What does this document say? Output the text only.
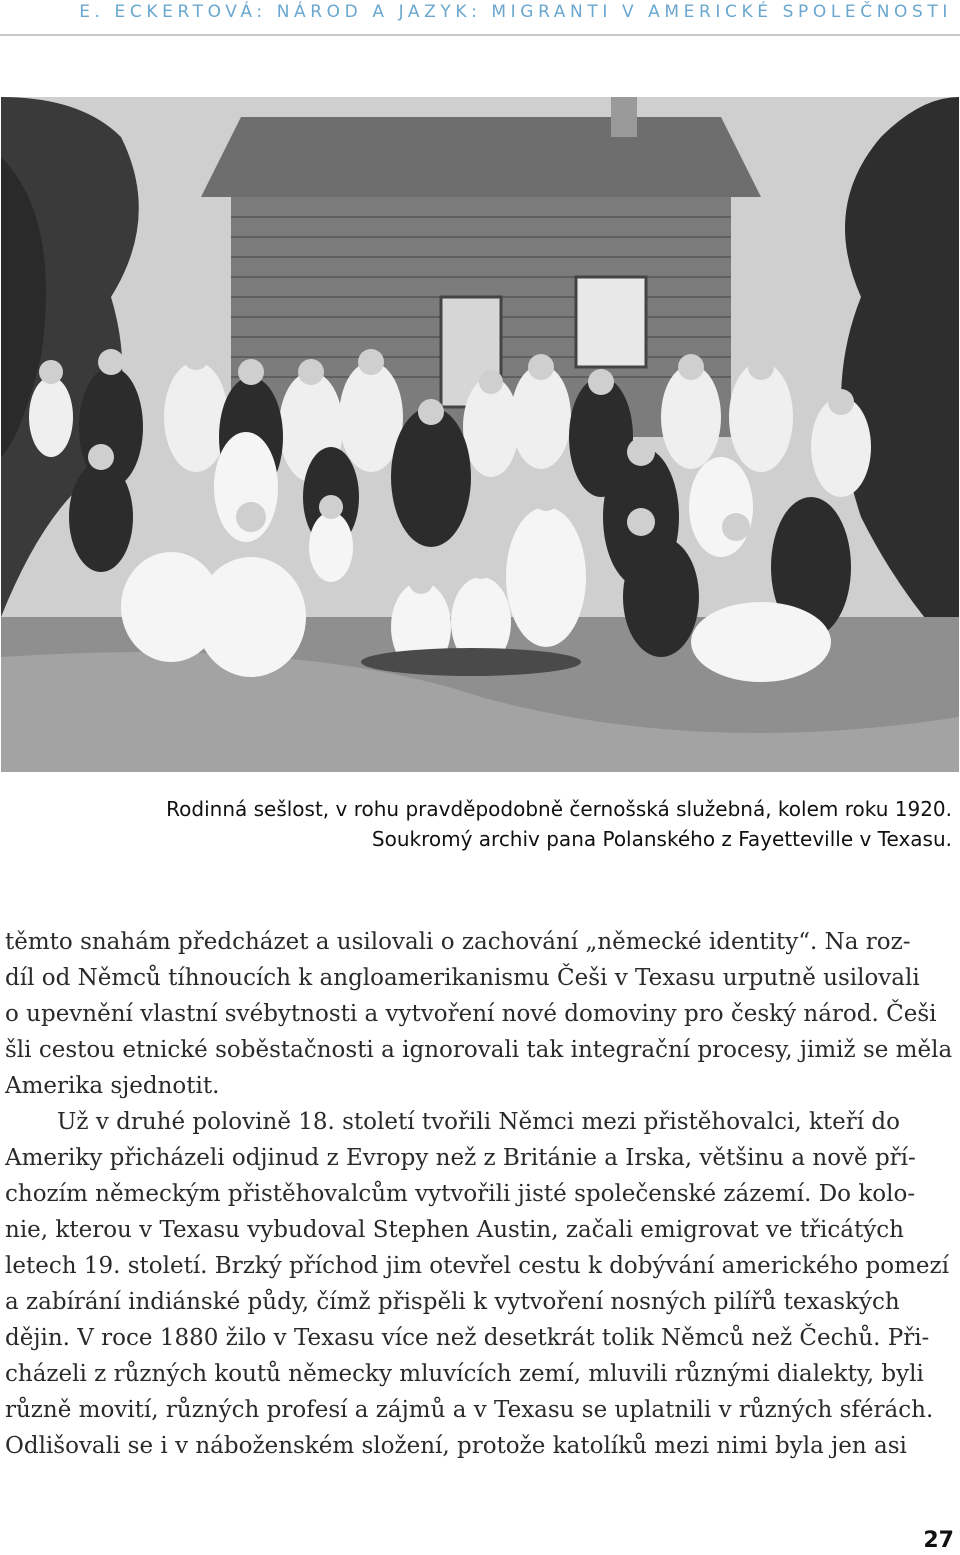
E. ECKERTOVÁ: NÁROD A JAZYK: MIGRANTI V AMERICKÉ SPOLEČNOSTI
Rodinná sešlost, v rohu pravděpodobně černošská služebná, kolem roku 1920.
Soukromý archiv pana Polanského z Fayetteville v Texasu.
těmto snahám předcházet a usilovali o zachování „německé identity“. Na roz-
díl od Němců tíhnoucích k angloamerikanismu Češi v Texasu urputně usilovali
o upevnění vlastní svébytnosti a vytvoření nové domoviny pro český národ. Češi
šli cestou etnické soběstačnosti a ignorovali tak integrační procesy, jimiž se měla
Amerika sjednotit.
Už v druhé polovině 18. století tvořili Němci mezi přistěhovalci, kteří do
Ameriky přicházeli odjinud z Evropy než z Británie a Irska, většinu a nově pří-
chozím německým přistěhovalcům vytvořili jisté společenské zázemí. Do kolo-
nie, kterou v Texasu vybudoval Stephen Austin, začali emigrovat ve třicátých
letech 19. století. Brzký příchod jim otevřel cestu k dobývání amerického pomezí
a zabírání indiánské půdy, čímž přispěli k vytvoření nosných pilířů texaských
dějin. V roce 1880 žilo v Texasu více než desetkrát tolik Němců než Čechů. Při-
cházeli z různých koutů německy mluvících zemí, mluvili různými dialekty, byli
různě movití, různých profesí a zájmů a v Texasu se uplatnili v různých sférách.
Odlišovali se i v náboženském složení, protože katolíků mezi nimi byla jen asi
27
